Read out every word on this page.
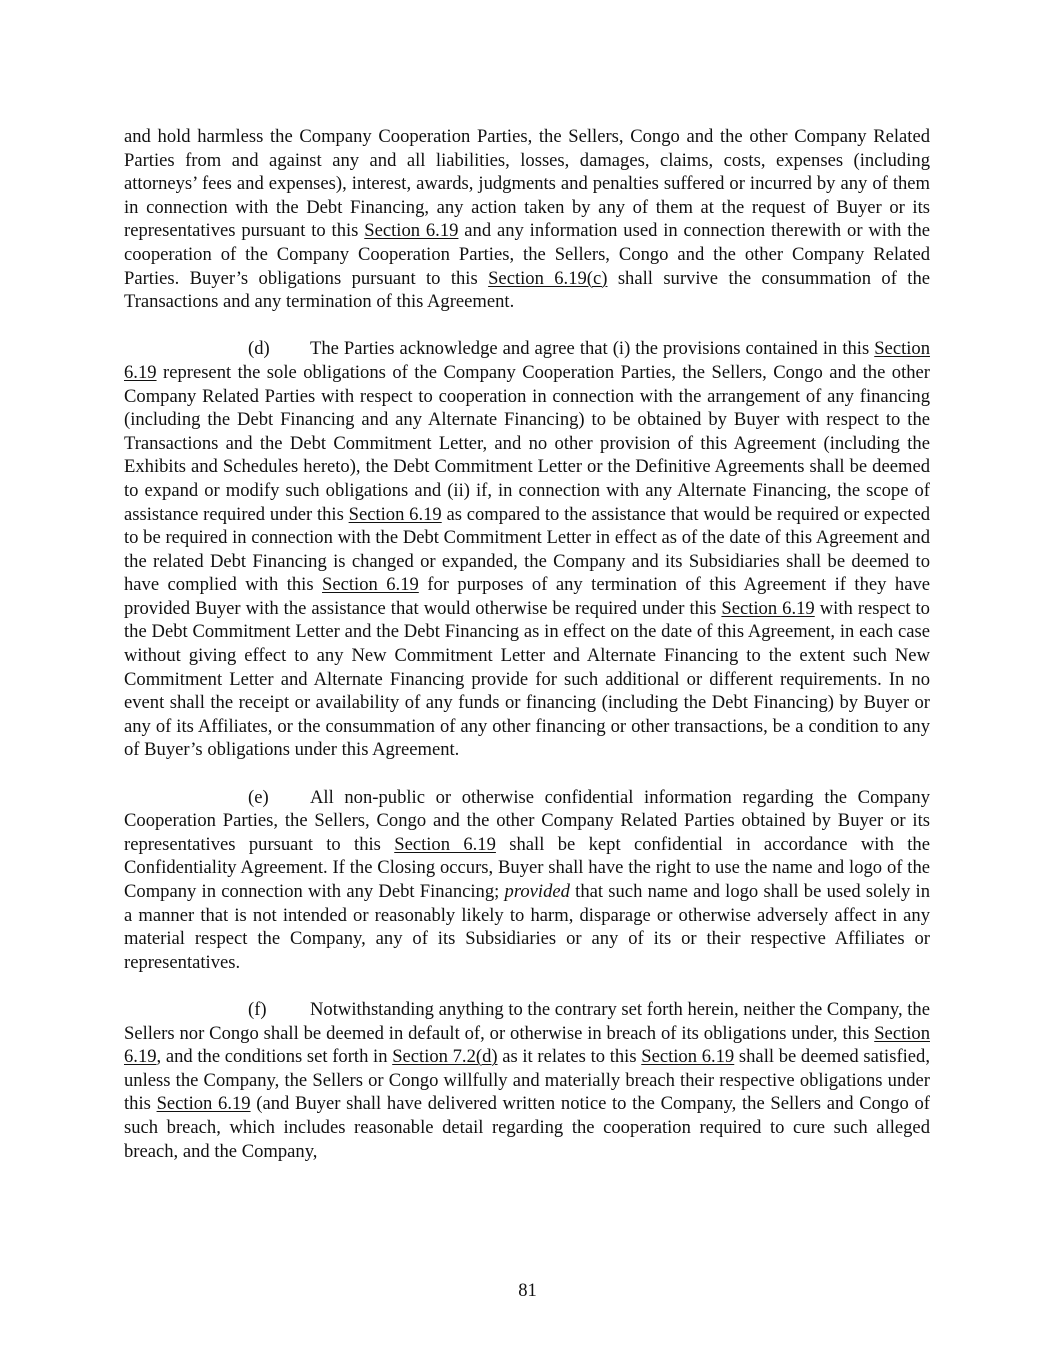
and hold harmless the Company Cooperation Parties, the Sellers, Congo and the other Company Related Parties from and against any and all liabilities, losses, damages, claims, costs, expenses (including attorneys’ fees and expenses), interest, awards, judgments and penalties suffered or incurred by any of them in connection with the Debt Financing, any action taken by any of them at the request of Buyer or its representatives pursuant to this Section 6.19 and any information used in connection therewith or with the cooperation of the Company Cooperation Parties, the Sellers, Congo and the other Company Related Parties. Buyer’s obligations pursuant to this Section 6.19(c) shall survive the consummation of the Transactions and any termination of this Agreement.

(d) The Parties acknowledge and agree that (i) the provisions contained in this Section 6.19 represent the sole obligations of the Company Cooperation Parties, the Sellers, Congo and the other Company Related Parties with respect to cooperation in connection with the arrangement of any financing (including the Debt Financing and any Alternate Financing) to be obtained by Buyer with respect to the Transactions and the Debt Commitment Letter, and no other provision of this Agreement (including the Exhibits and Schedules hereto), the Debt Commitment Letter or the Definitive Agreements shall be deemed to expand or modify such obligations and (ii) if, in connection with any Alternate Financing, the scope of assistance required under this Section 6.19 as compared to the assistance that would be required or expected to be required in connection with the Debt Commitment Letter in effect as of the date of this Agreement and the related Debt Financing is changed or expanded, the Company and its Subsidiaries shall be deemed to have complied with this Section 6.19 for purposes of any termination of this Agreement if they have provided Buyer with the assistance that would otherwise be required under this Section 6.19 with respect to the Debt Commitment Letter and the Debt Financing as in effect on the date of this Agreement, in each case without giving effect to any New Commitment Letter and Alternate Financing to the extent such New Commitment Letter and Alternate Financing provide for such additional or different requirements. In no event shall the receipt or availability of any funds or financing (including the Debt Financing) by Buyer or any of its Affiliates, or the consummation of any other financing or other transactions, be a condition to any of Buyer’s obligations under this Agreement.

(e) All non-public or otherwise confidential information regarding the Company Cooperation Parties, the Sellers, Congo and the other Company Related Parties obtained by Buyer or its representatives pursuant to this Section 6.19 shall be kept confidential in accordance with the Confidentiality Agreement. If the Closing occurs, Buyer shall have the right to use the name and logo of the Company in connection with any Debt Financing; provided that such name and logo shall be used solely in a manner that is not intended or reasonably likely to harm, disparage or otherwise adversely affect in any material respect the Company, any of its Subsidiaries or any of its or their respective Affiliates or representatives.

(f) Notwithstanding anything to the contrary set forth herein, neither the Company, the Sellers nor Congo shall be deemed in default of, or otherwise in breach of its obligations under, this Section 6.19, and the conditions set forth in Section 7.2(d) as it relates to this Section 6.19 shall be deemed satisfied, unless the Company, the Sellers or Congo willfully and materially breach their respective obligations under this Section 6.19 (and Buyer shall have delivered written notice to the Company, the Sellers and Congo of such breach, which includes reasonable detail regarding the cooperation required to cure such alleged breach, and the Company,

81
